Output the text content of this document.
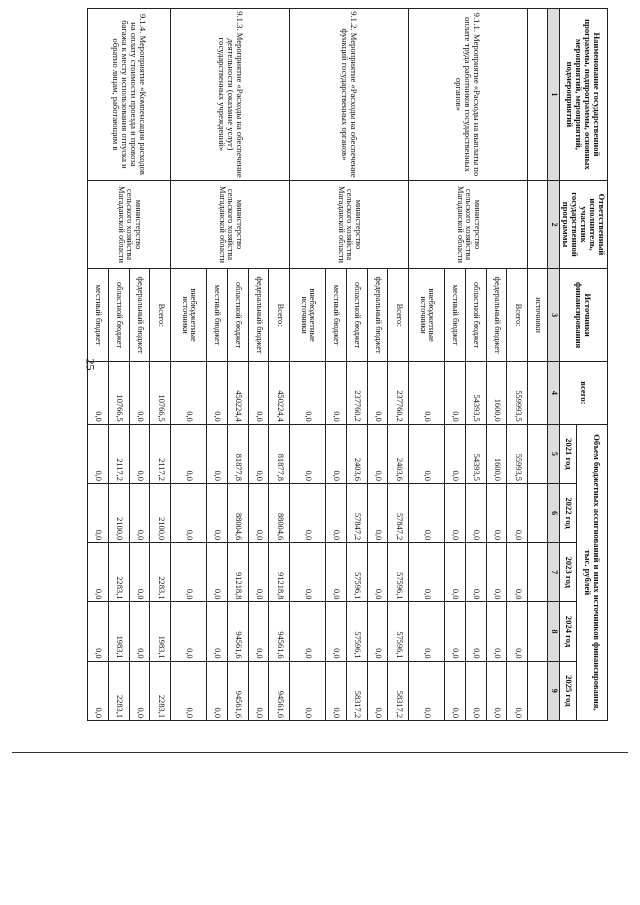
25
Наименование государственной программы, подпрограммы, основных мероприятий, мероприятий, подмероприятий	Ответственный исполнитель, участник государственной программы	Источники финансирования	всего:	Объем бюджетных ассигнований и иных источников финансирования, тыс. рублей				
				2021 год	2022 год	2023 год	2024 год	2025 год
1	2	3	4	5	6	7	8	9
		источники						
9.1.1. Мероприятие «Расходы на выплаты по оплате труда работников государственных органов»	министерство сельского хозяйства Магаданской области	Всего:	559993,5	55993,5	0,0	0,0	0,0	0,0
		федеральный бюджет	1600,0	1600,0	0,0	0,0	0,0	0,0
		областной бюджет	54393,5	54393,5	0,0	0,0	0,0	0,0
		местный бюджет	0,0	0,0	0,0	0,0	0,0	0,0
		внебюджетные источники	0,0	0,0	0,0	0,0	0,0	0,0
9.1.2. Мероприятие «Расходы на обеспечение функций государственных органов»	министерство сельского хозяйства Магаданской области	Всего:	237760,2	2403,6	57847,2	57596,1	57596,1	58317,2
		федеральный бюджет	0,0	0,0	0,0	0,0	0,0	0,0
		областной бюджет	237760,2	2403,6	57847,2	57596,1	57596,1	58317,2
		местный бюджет	0,0	0,0	0,0	0,0	0,0	0,0
		внебюджетные источники	0,0	0,0	0,0	0,0	0,0	0,0
9.1.3. Мероприятие «Расходы на обеспечение деятельности (оказание услуг) государственных учреждений»	министерство сельского хозяйства Магаданской области	Всего:	450224,4	81877,8	88004,6	91218,8	94561,6	94561,6
		федеральный бюджет	0,0	0,0	0,0	0,0	0,0	0,0
		областной бюджет	450224,4	81877,8	88004,6	91218,8	94561,6	94561,6
		местный бюджет	0,0	0,0	0,0	0,0	0,0	0,0
		внебюджетные источники	0,0	0,0	0,0	0,0	0,0	0,0
9.1.4. Мероприятие «Компенсация расходов на оплату стоимости проезда и провоза багажа к месту использования отпуска и обратно лицам, работающим в	министерство сельского хозяйства Магаданской области	Всего:	10766,5	2117,2	2100,0	2283,1	1983,1	2283,1
		федеральный бюджет	0,0	0,0	0,0	0,0	0,0	0,0
		областной бюджет	10766,5	2117,2	2100,0	2283,1	1983,1	2283,1
		местный бюджет	0,0	0,0	0,0	0,0	0,0	0,0
